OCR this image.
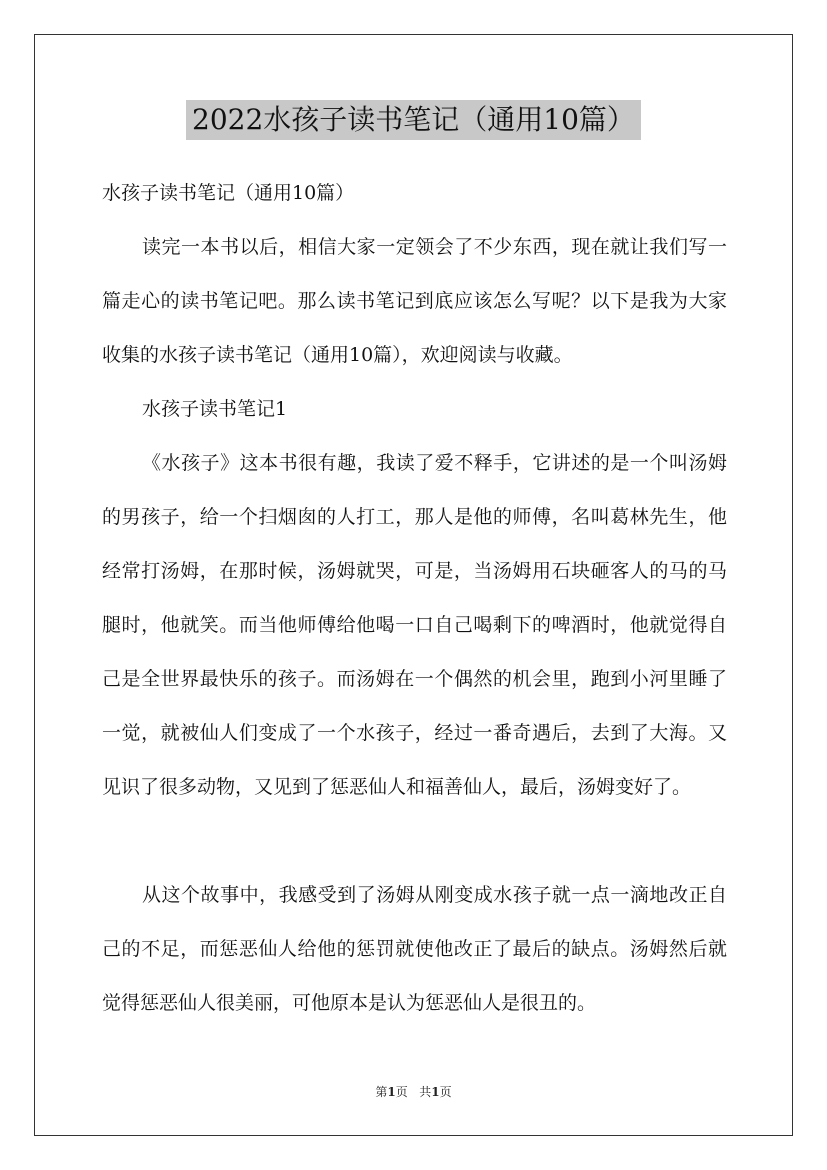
2022水孩子读书笔记（通用10篇）

水孩子读书笔记（通用10篇）

读完一本书以后，相信大家一定领会了不少东西，现在就让我们写一篇走心的读书笔记吧。那么读书笔记到底应该怎么写呢？以下是我为大家收集的水孩子读书笔记（通用10篇），欢迎阅读与收藏。

水孩子读书笔记1

《水孩子》这本书很有趣，我读了爱不释手，它讲述的是一个叫汤姆的男孩子，给一个扫烟囱的人打工，那人是他的师傅，名叫葛林先生，他经常打汤姆，在那时候，汤姆就哭，可是，当汤姆用石块砸客人的马的马腿时，他就笑。而当他师傅给他喝一口自己喝剩下的啤酒时，他就觉得自己是全世界最快乐的孩子。而汤姆在一个偶然的机会里，跑到小河里睡了一觉，就被仙人们变成了一个水孩子，经过一番奇遇后，去到了大海。又见识了很多动物，又见到了惩恶仙人和福善仙人，最后，汤姆变好了。

从这个故事中，我感受到了汤姆从刚变成水孩子就一点一滴地改正自己的不足，而惩恶仙人给他的惩罚就使他改正了最后的缺点。汤姆然后就觉得惩恶仙人很美丽，可他原本是认为惩恶仙人是很丑的。

第1页 共1页
